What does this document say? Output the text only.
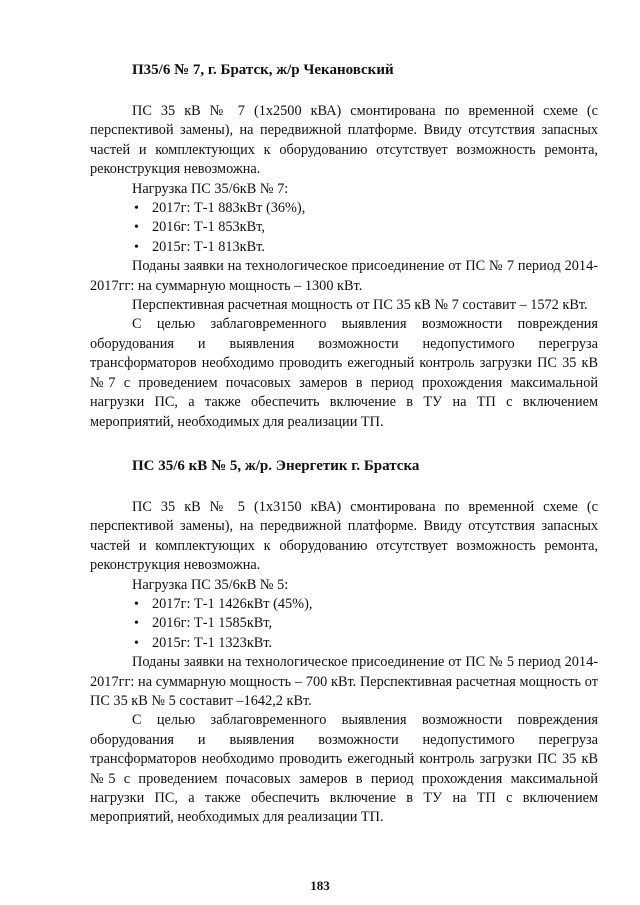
П35/6 № 7, г. Братск, ж/р Чекановский

ПС 35 кВ № 7 (1х2500 кВА) смонтирована по временной схеме (с перспективой замены), на передвижной платформе. Ввиду отсутствия запасных частей и комплектующих к оборудованию отсутствует возможность ремонта, реконструкция невозможна.

Нагрузка ПС 35/6кВ № 7:

• 2017г: Т-1 883кВт (36%),
• 2016г: Т-1 853кВт,
• 2015г: Т-1 813кВт.

Поданы заявки на технологическое присоединение от ПС № 7 период 2014-2017гг: на суммарную мощность – 1300 кВт.

Перспективная расчетная мощность от ПС 35 кВ № 7 составит – 1572 кВт.

С целью заблаговременного выявления возможности повреждения оборудования и выявления возможности недопустимого перегруза трансформаторов необходимо проводить ежегодный контроль загрузки ПС 35 кВ №7 с проведением почасовых замеров в период прохождения максимальной нагрузки ПС, а также обеспечить включение в ТУ на ТП с включением мероприятий, необходимых для реализации ТП.

ПС 35/6 кВ № 5, ж/р. Энергетик г. Братска

ПС 35 кВ № 5 (1х3150 кВА) смонтирована по временной схеме (с перспективой замены), на передвижной платформе. Ввиду отсутствия запасных частей и комплектующих к оборудованию отсутствует возможность ремонта, реконструкция невозможна.

Нагрузка ПС 35/6кВ № 5:

• 2017г: Т-1 1426кВт (45%),
• 2016г: Т-1 1585кВт,
• 2015г: Т-1 1323кВт.

Поданы заявки на технологическое присоединение от ПС № 5 период 2014-2017гг: на суммарную мощность – 700 кВт. Перспективная расчетная мощность от ПС 35 кВ № 5 составит –1642,2 кВт.

С целью заблаговременного выявления возможности повреждения оборудования и выявления возможности недопустимого перегруза трансформаторов необходимо проводить ежегодный контроль загрузки ПС 35 кВ №5 с проведением почасовых замеров в период прохождения максимальной нагрузки ПС, а также обеспечить включение в ТУ на ТП с включением мероприятий, необходимых для реализации ТП.

183
